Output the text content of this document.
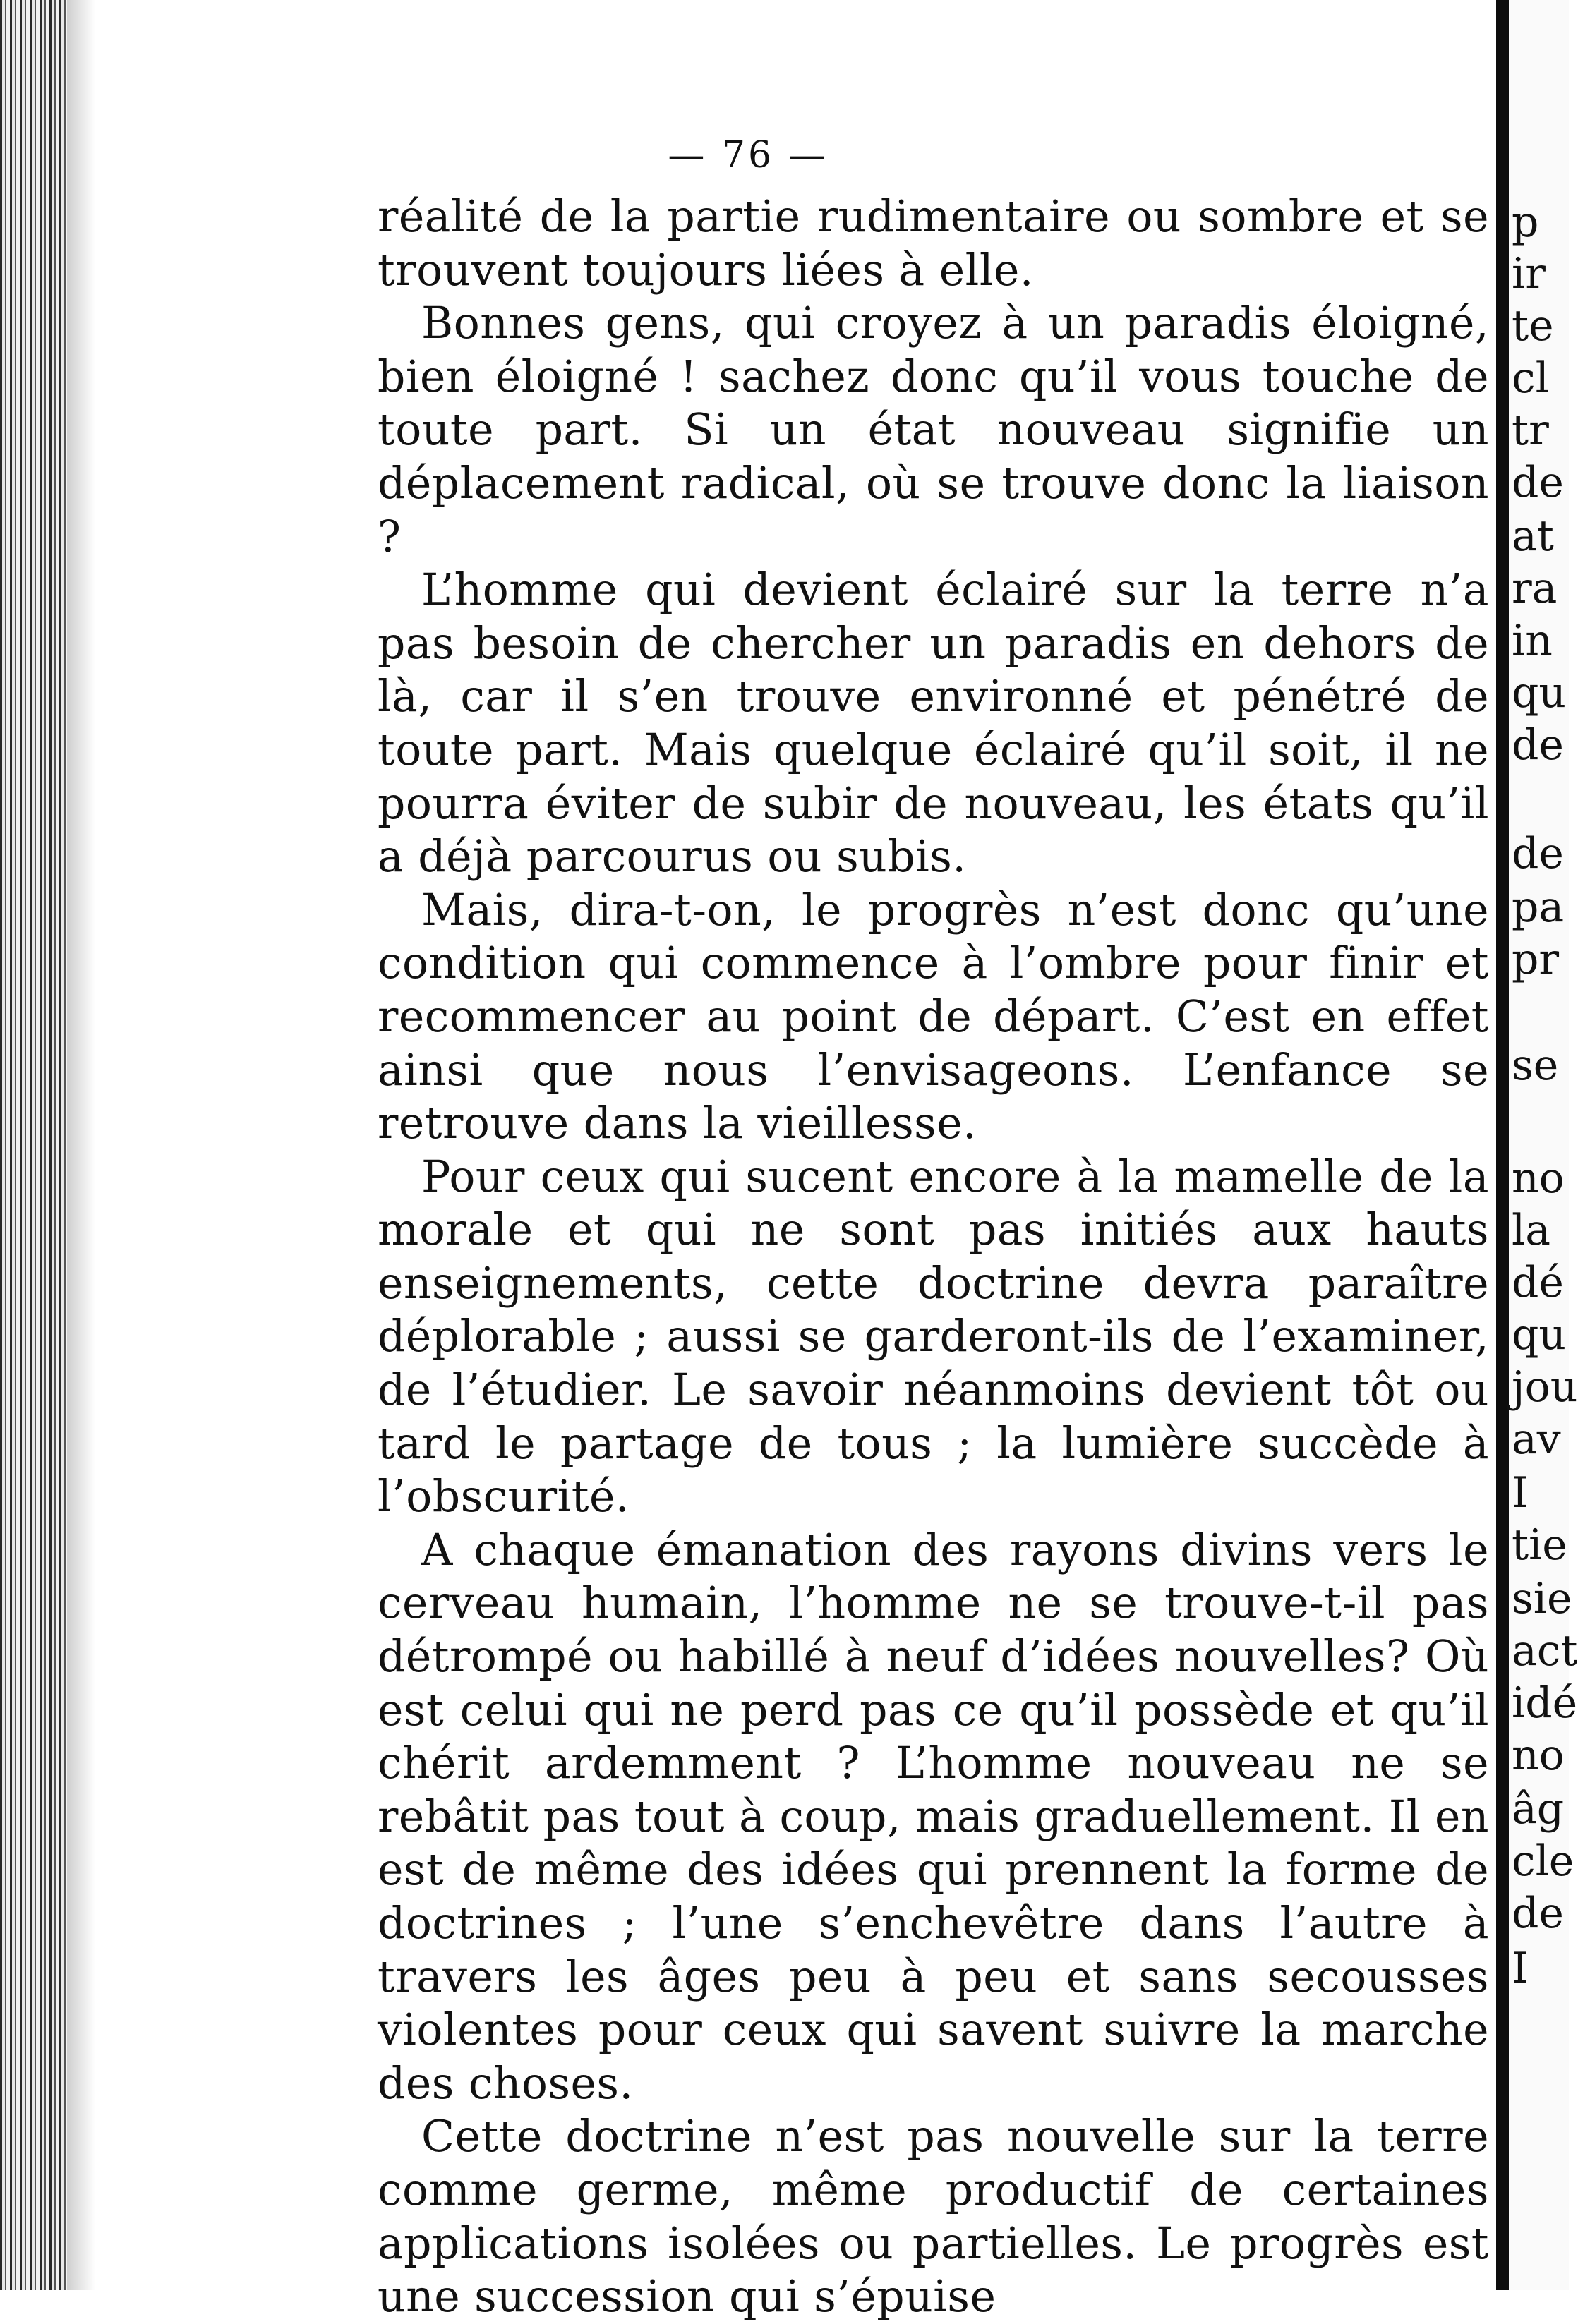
— 76 —

réalité de la partie rudimentaire ou sombre et se trouvent toujours liées à elle.

Bonnes gens, qui croyez à un paradis éloigné, bien éloigné ! sachez donc qu’il vous touche de toute part. Si un état nouveau signifie un déplacement radical, où se trouve donc la liaison ?

L’homme qui devient éclairé sur la terre n’a pas besoin de chercher un paradis en dehors de là, car il s’en trouve environné et pénétré de toute part. Mais quelque éclairé qu’il soit, il ne pourra éviter de subir de nouveau, les états qu’il a déjà parcourus ou subis.

Mais, dira-t-on, le progrès n’est donc qu’une condition qui commence à l’ombre pour finir et recommencer au point de départ. C’est en effet ainsi que nous l’envisageons. L’enfance se retrouve dans la vieillesse.

Pour ceux qui sucent encore à la mamelle de la morale et qui ne sont pas initiés aux hauts enseignements, cette doctrine devra paraître déplorable ; aussi se garderont-ils de l’examiner, de l’étudier. Le savoir néanmoins devient tôt ou tard le partage de tous ; la lumière succède à l’obscurité.

A chaque émanation des rayons divins vers le cerveau humain, l’homme ne se trouve-t-il pas détrompé ou habillé à neuf d’idées nouvelles? Où est celui qui ne perd pas ce qu’il possède et qu’il chérit ardemment ? L’homme nouveau ne se rebâtit pas tout à coup, mais graduellement. Il en est de même des idées qui prennent la forme de doctrines ; l’une s’enchevêtre dans l’autre à travers les âges peu à peu et sans secousses violentes pour ceux qui savent suivre la marche des choses.

Cette doctrine n’est pas nouvelle sur la terre comme germe, même productif de certaines applications isolées ou partielles. Le progrès est une succession qui s’épuise

p
ir
te
cl
tr
de
at
ra
in
qu
de
de
pa
pr
se
no
la
dé
qu
jou
av
I
tie
sie
act
idé
no
âg
cle
de
I
